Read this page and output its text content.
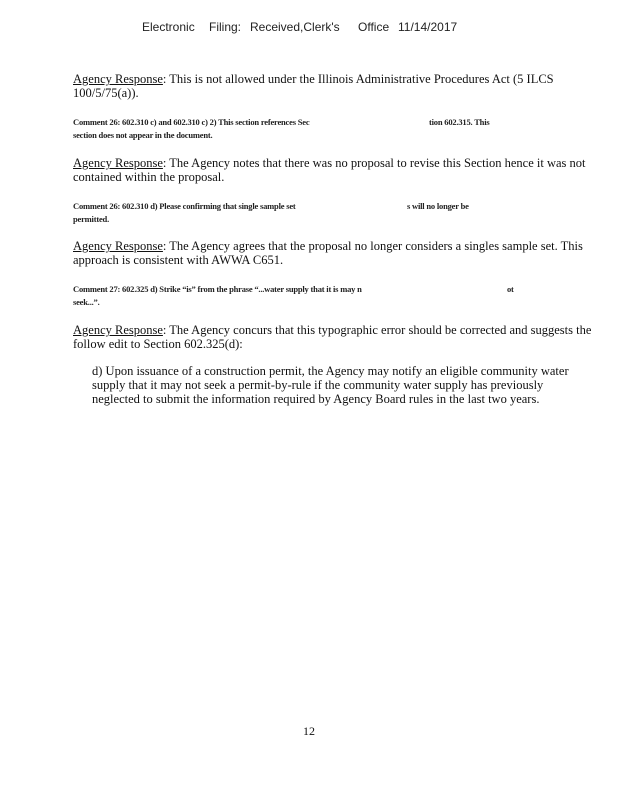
Electronic Filing: Received,Clerk's Office 11/14/2017

Agency Response: This is not allowed under the Illinois Administrative Procedures Act (5 ILCS 100/5/75(a)).

Comment 26: 602.310 c) and 602.310 c) 2) This section references Sec	tion 602.315. This
section does not appear in the document.

Agency Response: The Agency notes that there was no proposal to revise this Section hence it was not contained within the proposal.

Comment 26: 602.310 d) Please confirming that single sample set	s will no longer be
permitted.

Agency Response: The Agency agrees that the proposal no longer considers a singles sample set. This approach is consistent with AWWA C651.

Comment 27: 602.325 d) Strike “is” from the phrase “...water supply that it is may n	ot
seek...”.

Agency Response: The Agency concurs that this typographic error should be corrected and suggests the follow edit to Section 602.325(d):

d) Upon issuance of a construction permit, the Agency may notify an eligible community water supply that it may not seek a permit-by-rule if the community water supply has previously neglected to submit the information required by Agency Board rules in the last two years.
12
